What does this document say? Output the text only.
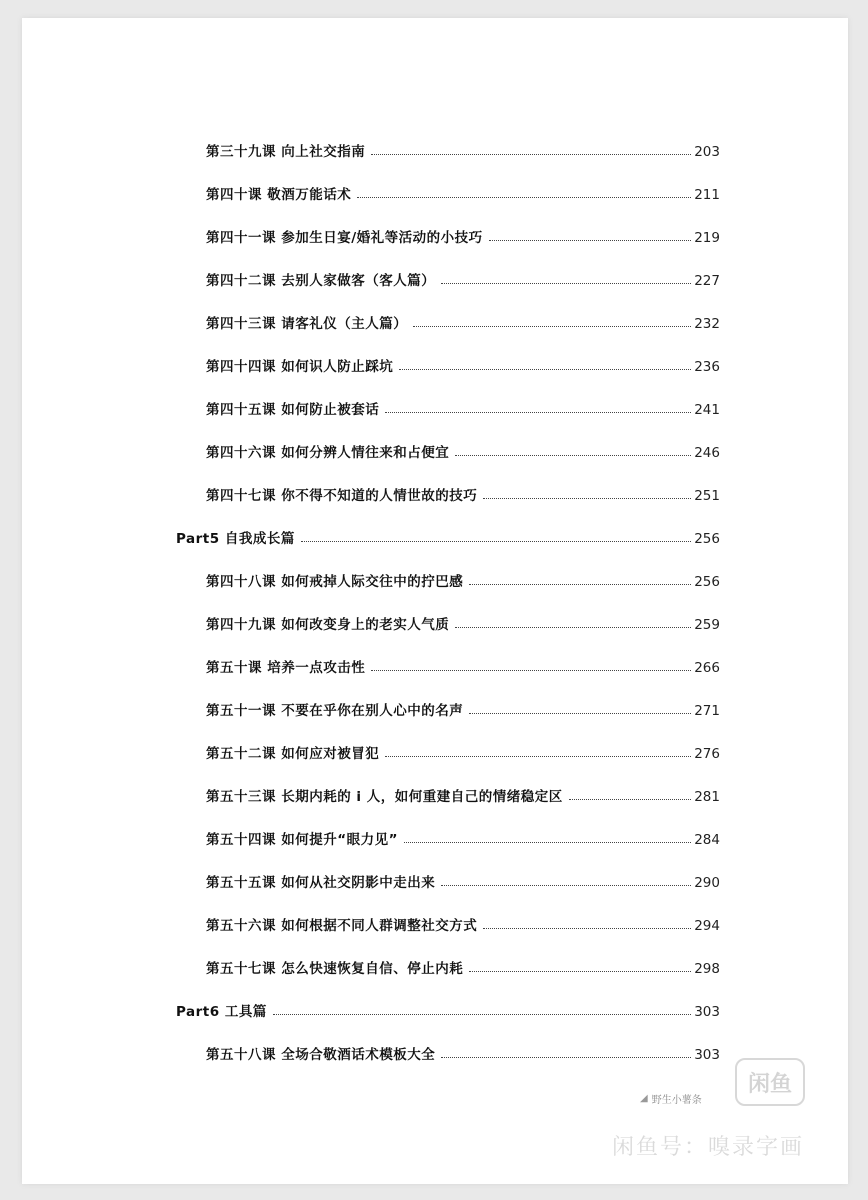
第三十九课 向上社交指南	203
第四十课 敬酒万能话术	211
第四十一课 参加生日宴/婚礼等活动的小技巧	219
第四十二课 去别人家做客（客人篇）	227
第四十三课 请客礼仪（主人篇）	232
第四十四课 如何识人防止踩坑	236
第四十五课 如何防止被套话	241
第四十六课 如何分辨人情往来和占便宜	246
第四十七课 你不得不知道的人情世故的技巧	251
Part5 自我成长篇	256
第四十八课 如何戒掉人际交往中的拧巴感	256
第四十九课 如何改变身上的老实人气质	259
第五十课 培养一点攻击性	266
第五十一课 不要在乎你在别人心中的名声	271
第五十二课 如何应对被冒犯	276
第五十三课 长期内耗的 i 人，如何重建自己的情绪稳定区	281
第五十四课 如何提升“眼力见”	284
第五十五课 如何从社交阴影中走出来	290
第五十六课 如何根据不同人群调整社交方式	294
第五十七课 怎么快速恢复自信、停止内耗	298
Part6 工具篇	303
第五十八课 全场合敬酒话术模板大全	303
◢ 野生小薯条
闲鱼
闲鱼号：嗅录字画
